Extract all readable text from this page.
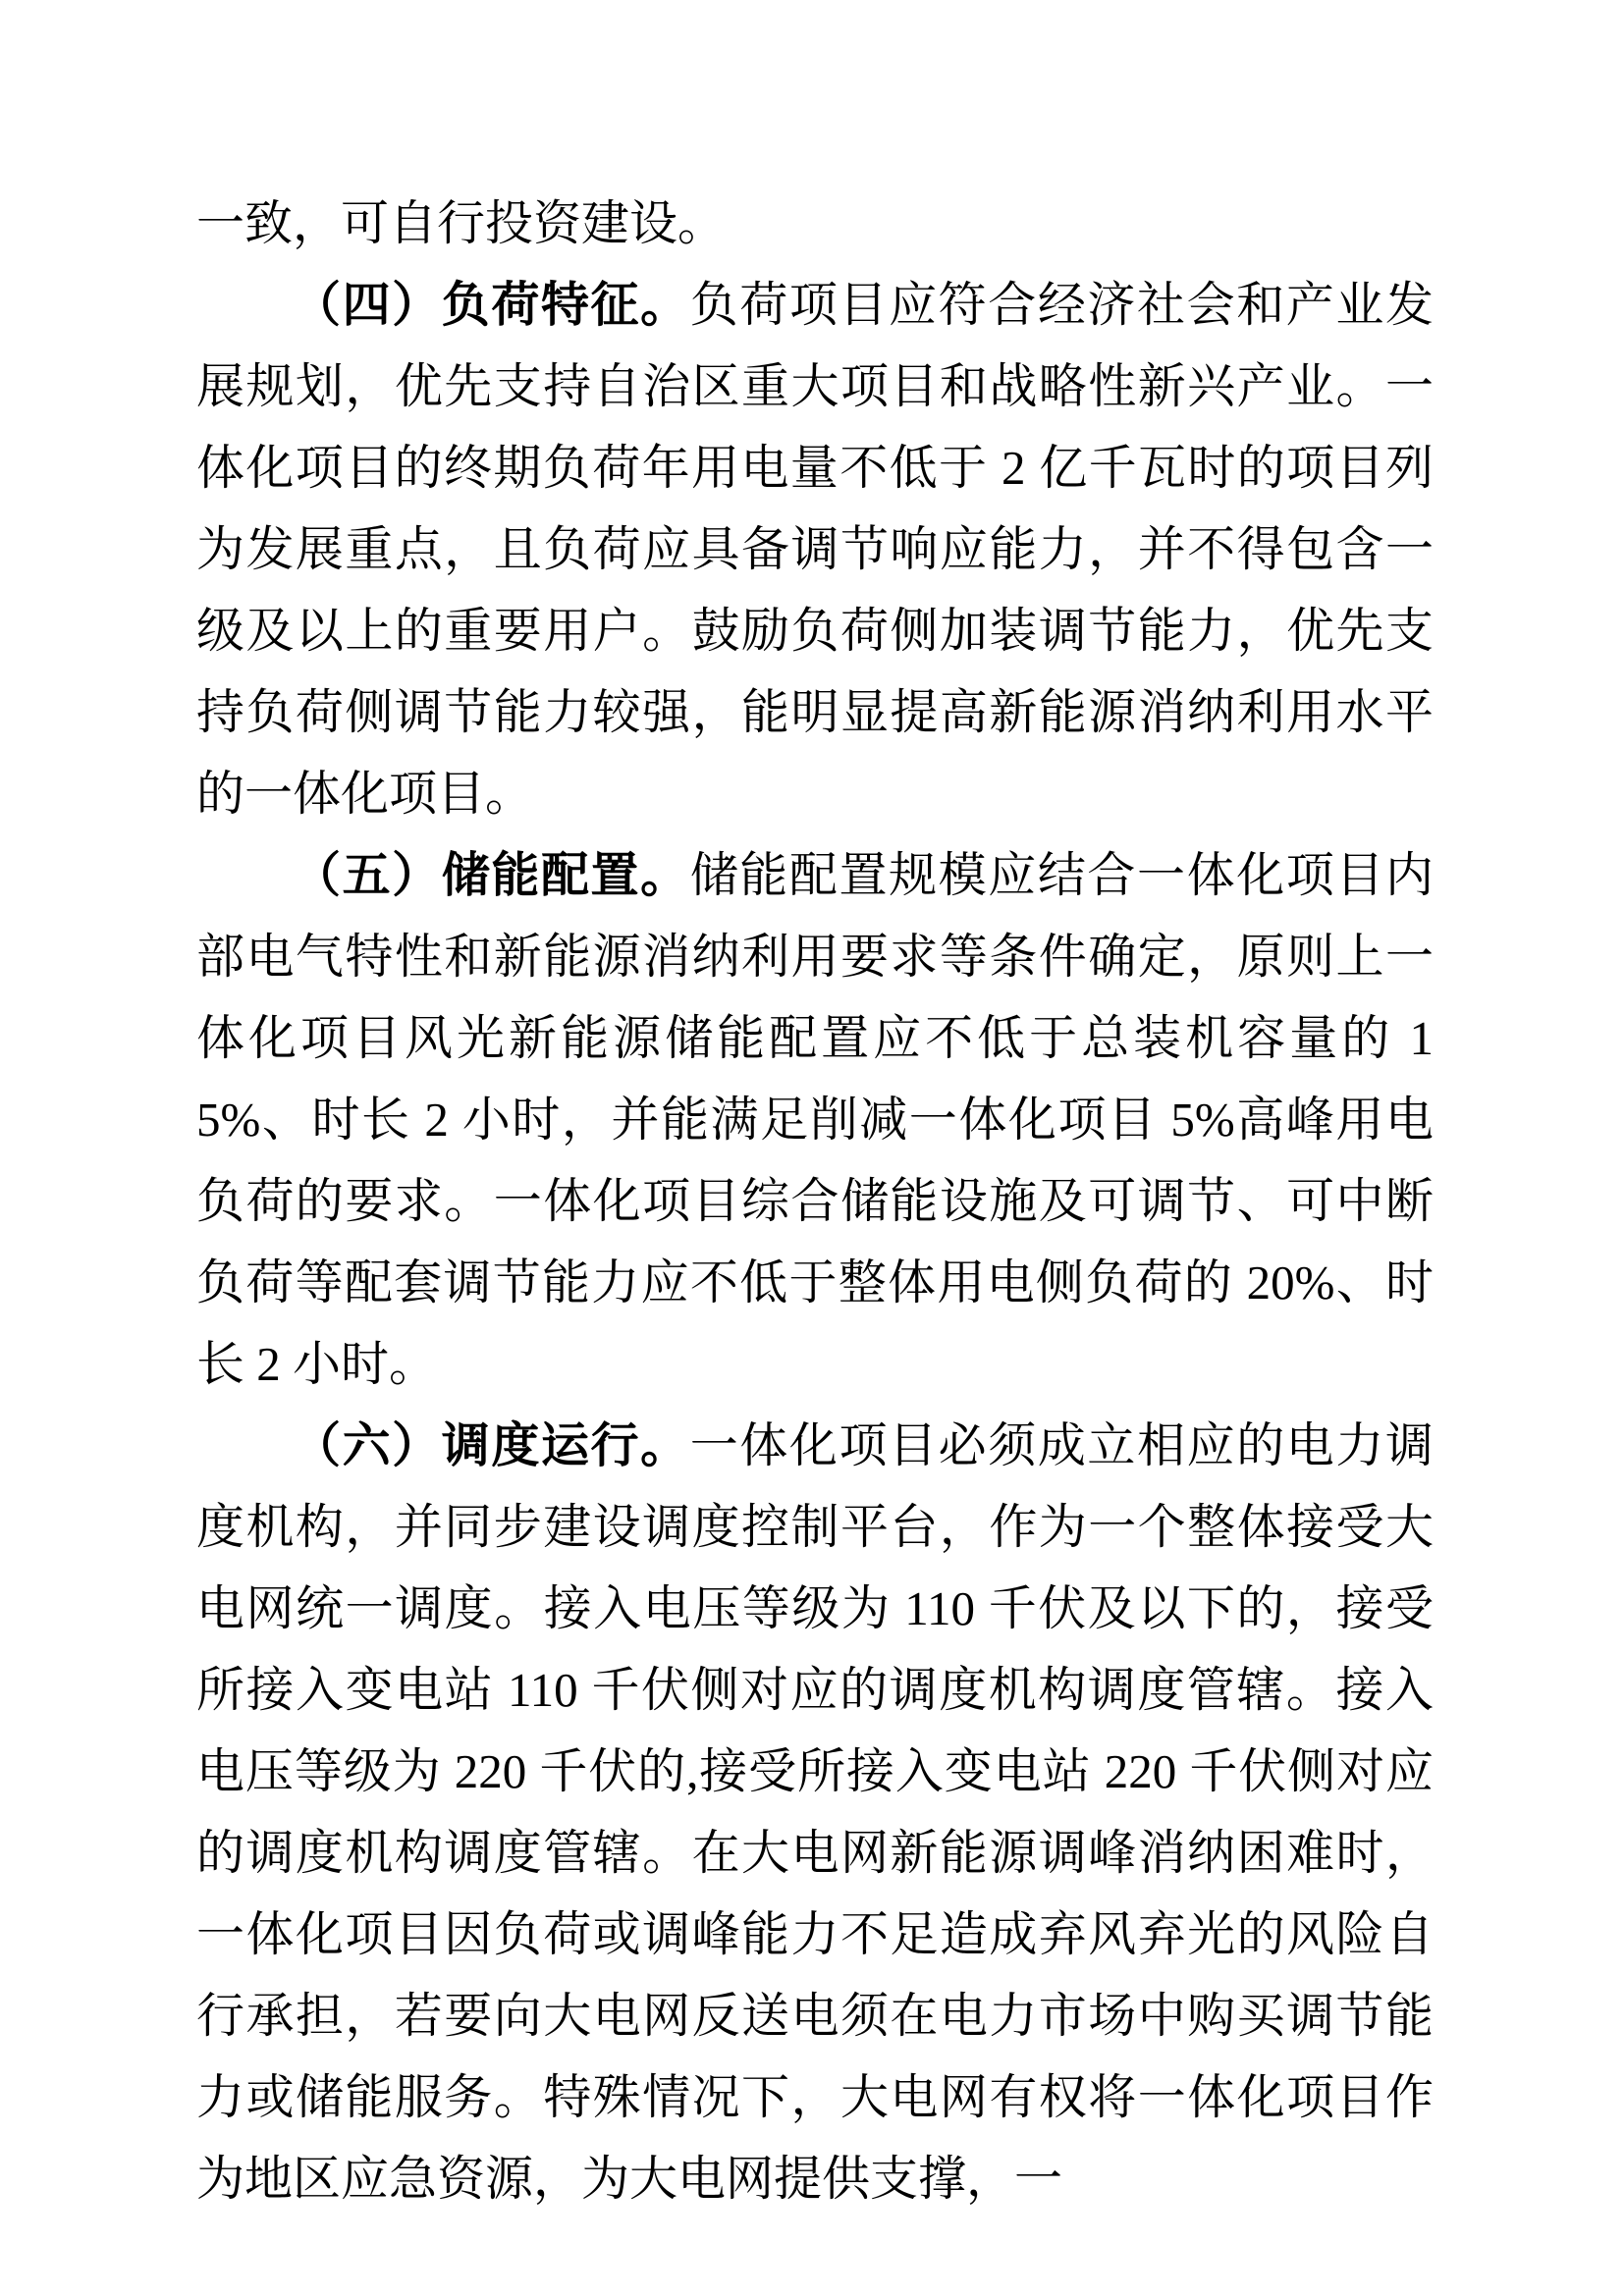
一致，可自行投资建设。

（四）负荷特征。负荷项目应符合经济社会和产业发展规划，优先支持自治区重大项目和战略性新兴产业。一体化项目的终期负荷年用电量不低于 2 亿千瓦时的项目列为发展重点，且负荷应具备调节响应能力，并不得包含一级及以上的重要用户。鼓励负荷侧加装调节能力，优先支持负荷侧调节能力较强，能明显提高新能源消纳利用水平的一体化项目。

（五）储能配置。储能配置规模应结合一体化项目内部电气特性和新能源消纳利用要求等条件确定，原则上一体化项目风光新能源储能配置应不低于总装机容量的 15%、时长 2 小时，并能满足削减一体化项目 5%高峰用电负荷的要求。一体化项目综合储能设施及可调节、可中断负荷等配套调节能力应不低于整体用电侧负荷的 20%、时长 2 小时。

（六）调度运行。一体化项目必须成立相应的电力调度机构，并同步建设调度控制平台，作为一个整体接受大电网统一调度。接入电压等级为 110 千伏及以下的，接受所接入变电站 110 千伏侧对应的调度机构调度管辖。接入电压等级为 220 千伏的,接受所接入变电站 220 千伏侧对应的调度机构调度管辖。在大电网新能源调峰消纳困难时，一体化项目因负荷或调峰能力不足造成弃风弃光的风险自行承担，若要向大电网反送电须在电力市场中购买调节能力或储能服务。特殊情况下，大电网有权将一体化项目作为地区应急资源，为大电网提供支撑，一
